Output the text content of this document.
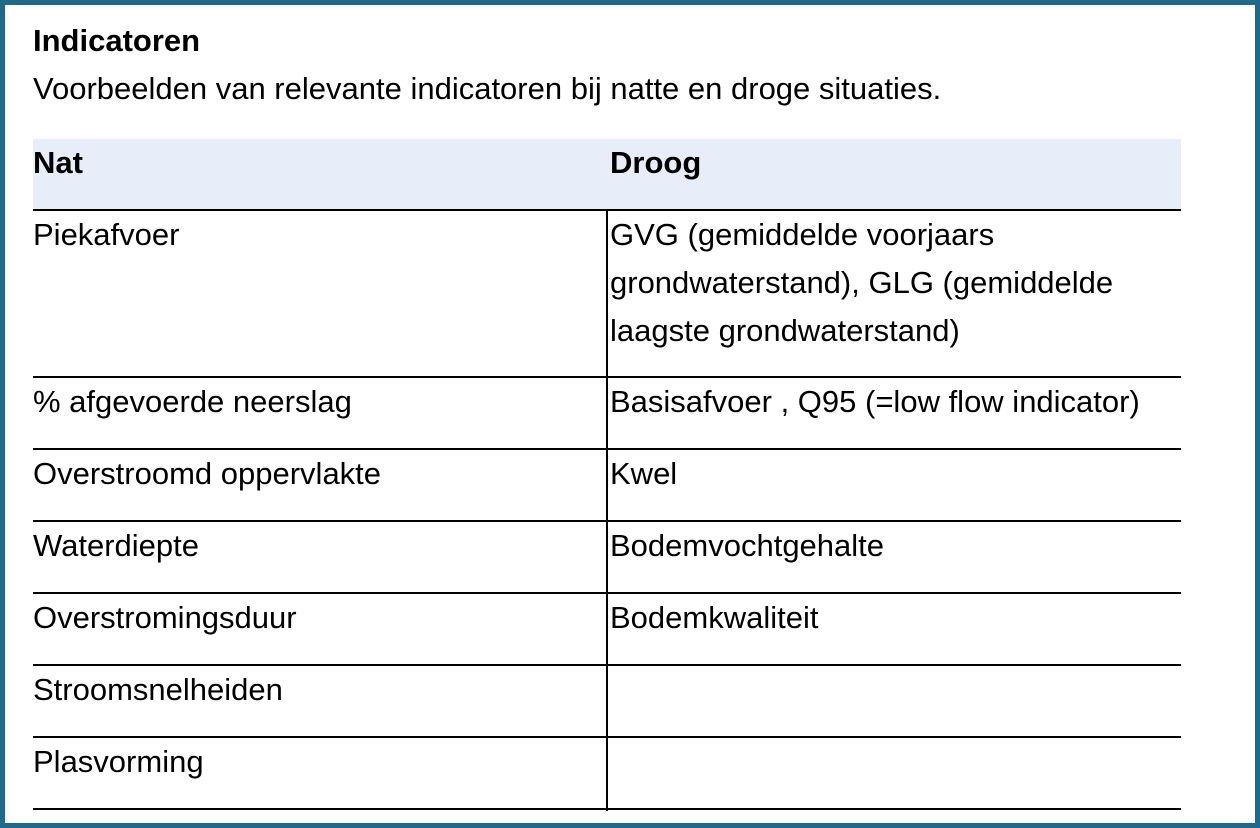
Indicatoren
Voorbeelden van relevante indicatoren bij natte en droge situaties.
Nat	Droog
Piekafvoer	GVG (gemiddelde voorjaars grondwaterstand), GLG (gemiddelde laagste grondwaterstand)
% afgevoerde neerslag	Basisafvoer , Q95 (=low flow indicator)
Overstroomd oppervlakte	Kwel
Waterdiepte	Bodemvochtgehalte
Overstromingsduur	Bodemkwaliteit
Stroomsnelheiden
Plasvorming
